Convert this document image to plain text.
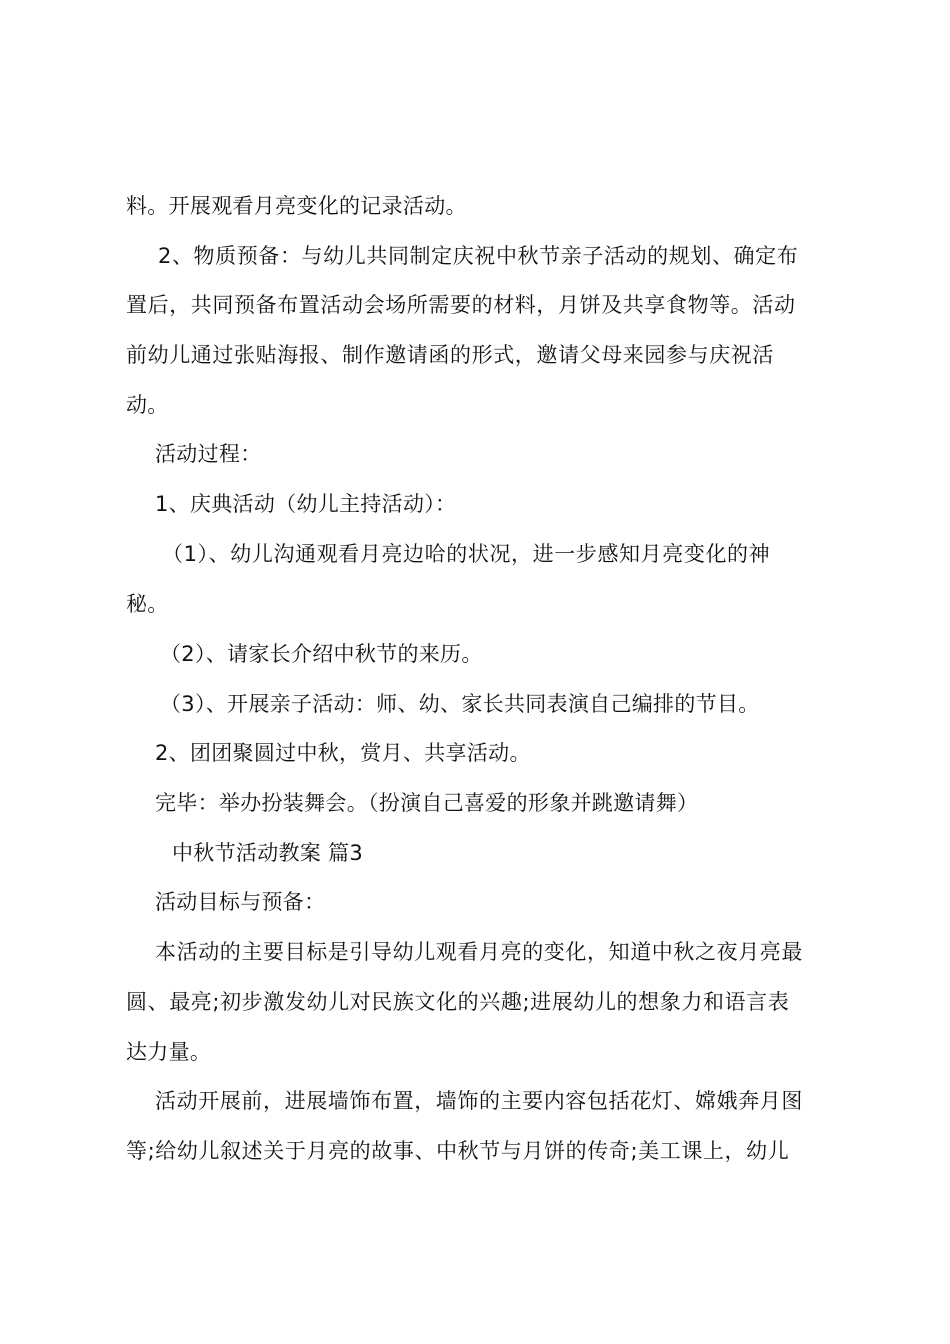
料。开展观看月亮变化的记录活动。
2、物质预备：与幼儿共同制定庆祝中秋节亲子活动的规划、确定布
置后，共同预备布置活动会场所需要的材料，月饼及共享食物等。活动
前幼儿通过张贴海报、制作邀请函的形式，邀请父母来园参与庆祝活
动。
活动过程：
1、庆典活动（幼儿主持活动）：
（1）、幼儿沟通观看月亮边哈的状况，进一步感知月亮变化的神
秘。
（2）、请家长介绍中秋节的来历。
（3）、开展亲子活动：师、幼、家长共同表演自己编排的节目。
2、团团聚圆过中秋，赏月、共享活动。
完毕：举办扮装舞会。（扮演自己喜爱的形象并跳邀请舞）
中秋节活动教案 篇3
活动目标与预备：
本活动的主要目标是引导幼儿观看月亮的变化，知道中秋之夜月亮最
圆、最亮;初步激发幼儿对民族文化的兴趣;进展幼儿的想象力和语言表
达力量。
活动开展前，进展墙饰布置，墙饰的主要内容包括花灯、嫦娥奔月图
等;给幼儿叙述关于月亮的故事、中秋节与月饼的传奇;美工课上，幼儿
